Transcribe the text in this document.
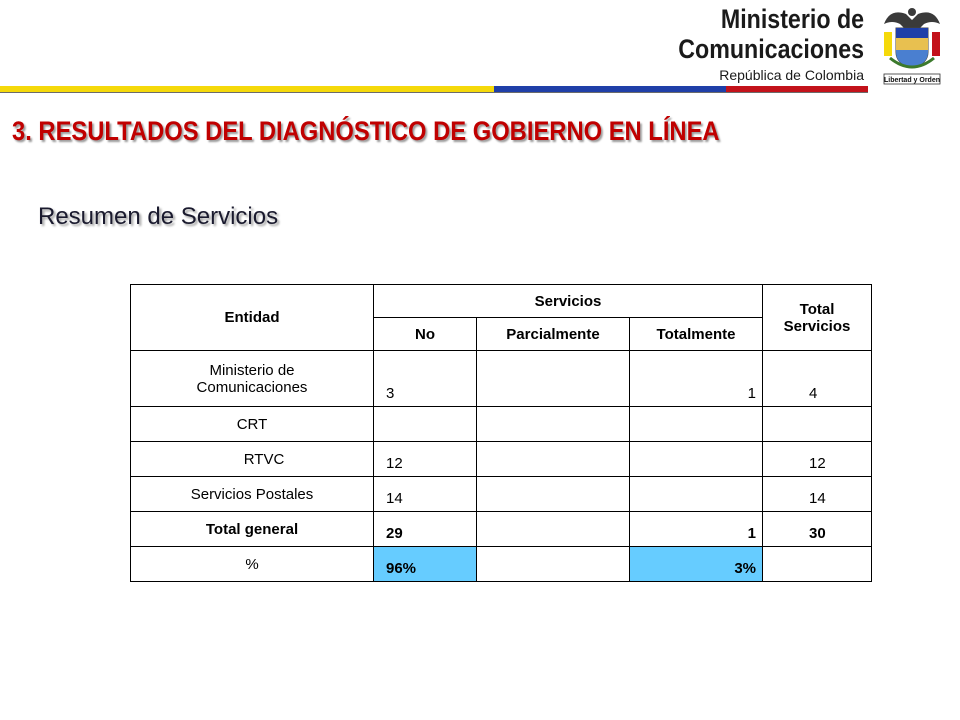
Ministerio de
Comunicaciones
República de Colombia	Libertad y Orden
3. RESULTADOS DEL DIAGNÓSTICO DE GOBIERNO EN LÍNEA
Resumen de Servicios
Entidad	Servicios			Total
Servicios
	No	Parcialmente	Totalmente	
Ministerio de
Comunicaciones	3		1	4
CRT				
RTVC	12			12
Servicios Postales	14			14
Total general	29		1	30
%	96%		3%	
